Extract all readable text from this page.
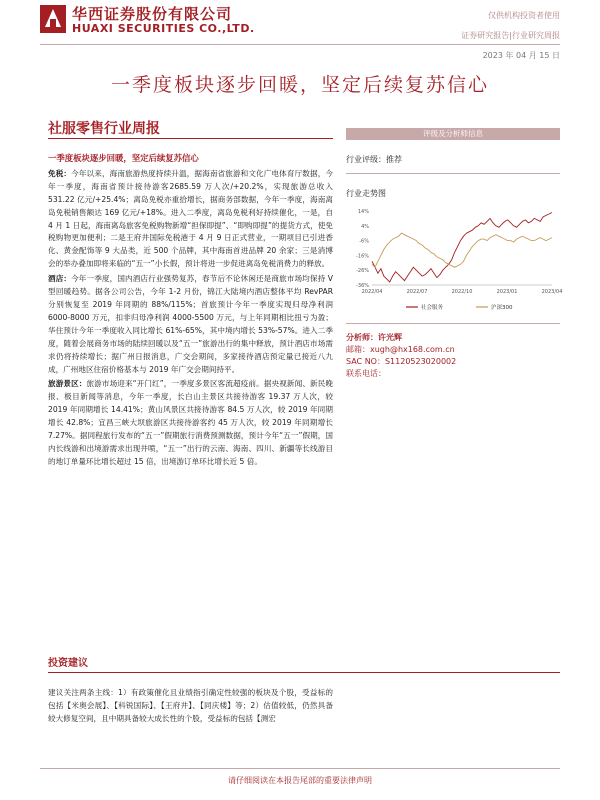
华西证券股份有限公司
HUAXI SECURITIES CO.,LTD.
仅供机构投资者使用
证券研究报告|行业研究周报
2023 年 04 月 15 日
一季度板块逐步回暖，坚定后续复苏信心
社服零售行业周报

一季度板块逐步回暖，坚定后续复苏信心

免税：今年以来，海南旅游热度持续升温，据海南省旅游和文化广电体育厅数据，今年一季度，海南省预计接待游客2685.59 万人次/+20.2%，实现旅游总收入 531.22 亿元/+25.4%；离岛免税亦重拾增长，据商务部数据，今年一季度，海南离岛免税销售额达 169 亿元/+18%。进入二季度，离岛免税利好持续催化，一是，自 4 月 1 日起，海南离岛旅客免税购物新增“担保即提”、“即购即提”的提货方式，使免税购物更加便利；二是王府井国际免税港于 4 月 9 日正式营业，一期项目已引进香化、黄金配饰等 9 大品类，近 500 个品牌，其中海南首进品牌 20 余家；三是消博会的举办叠加即将来临的“五一”小长假，预计将进一步促进离岛免税消费力的释放。

酒店：今年一季度，国内酒店行业强势复苏，春节后不论休闲还是商旅市场均保持 V 型回暖趋势。据各公司公告，今年 1-2 月份，锦江大陆境内酒店整体平均 RevPAR 分别恢复至 2019 年同期的 88%/115%；首旅预计今年一季度实现归母净利润 6000-8000 万元，扣非归母净利润 4000-5500 万元，与上年同期相比扭亏为盈；华住预计今年一季度收入同比增长 61%-65%，其中境内增长 53%-57%。进入二季度，随着会展商务市场的陆续回暖以及“五一”旅游出行的集中释放，预计酒店市场需求仍将持续增长；据广州日报消息，广交会期间，多家接待酒店预定量已接近八九成，广州地区住宿价格基本与 2019 年广交会期间持平。

旅游景区：旅游市场迎来“开门红”，一季度多景区客流超疫前。据央视新闻、新民晚报、极目新闻等消息，今年一季度，长白山主景区共接待游客 19.37 万人次，较 2019 年同期增长 14.41%；黄山风景区共接待游客 84.5 万人次，较 2019 年同期增长 42.8%；宜昌三峡大坝旅游区共接待游客约 45 万人次，较 2019 年同期增长 7.27%。据同程旅行发布的“五一”假期旅行消费预测数据，预计今年“五一”假期，国内长线游和出境游需求出现井喷，“五一”出行的云南、海南、四川、新疆等长线游目的地订单量环比增长超过 15 倍，出境游订单环比增长近 5 倍。

投资建议
建议关注两条主线：1）有政策催化且业绩指引确定性较强的板块及个股，受益标的包括【米奥会展】、【科锐国际】、【王府井】、【同庆楼】等；2）估值较低，仍然具备较大修复空间，且中期具备较大成长性的个股，受益标的包括【测宏
评级及分析师信息
行业评级：推荐
行业走势图
14%
4%
-6%
-16%
-26%
-36%
2022/04	2022/07	2022/10	2023/01	2023/04
社会服务	沪深300
分析师：许光辉
邮箱：xugh@hx168.com.cn
SAC NO：S1120523020002
联系电话：
请仔细阅读在本报告尾部的重要法律声明
